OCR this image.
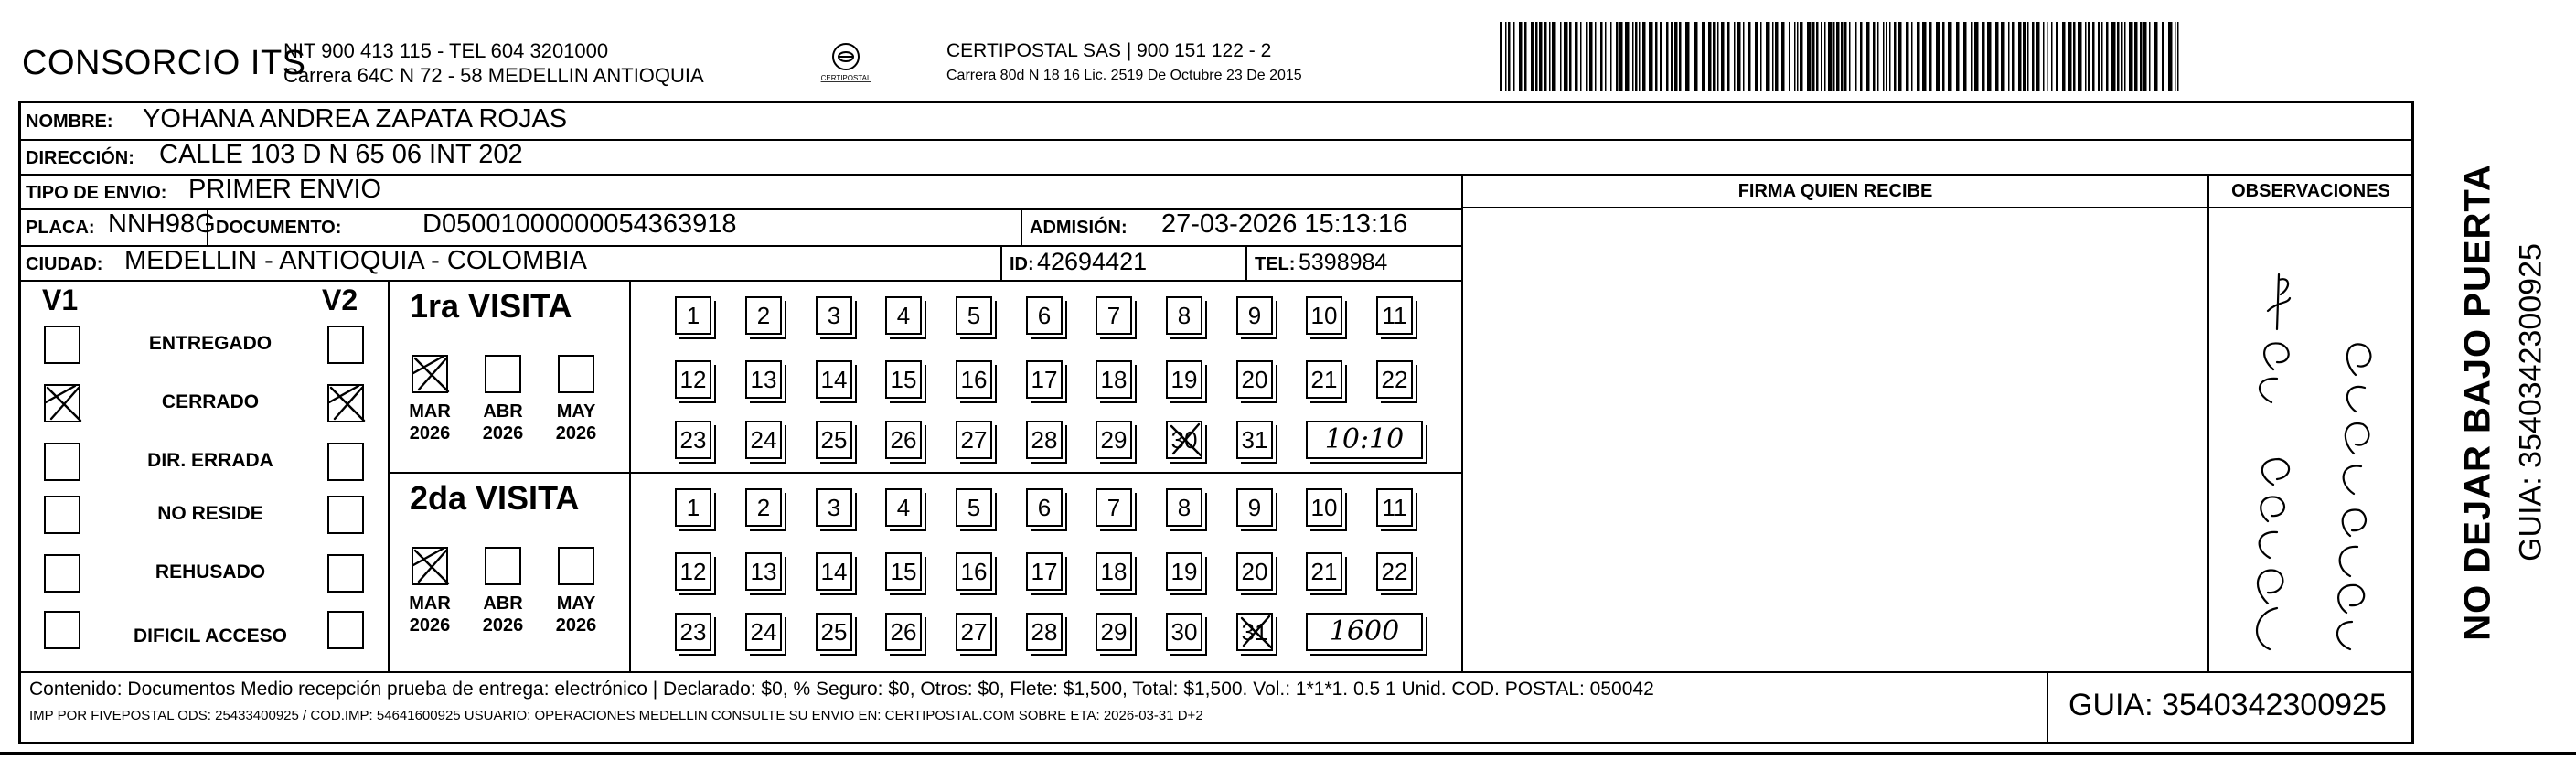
CONSORCIO ITS
NIT 900 413 115 - TEL 604 3201000
Carrera 64C N 72 - 58 MEDELLIN ANTIOQUIA	CERTIPOSTAL
CERTIPOSTAL SAS | 900 151 122 - 2
Carrera 80d N 18 16 Lic. 2519 De Octubre 23 De 2015
NOMBRE: YOHANA ANDREA ZAPATA ROJAS
DIRECCIÓN: CALLE 103 D N 65 06 INT 202
TIPO DE ENVIO: PRIMER ENVIO
PLACA: NNH98G DOCUMENTO:	D05001000000054363918	ADMISIÓN: 27-03-2026 15:13:16
CIUDAD: MEDELLIN - ANTIOQUIA - COLOMBIA	ID: 42694421	TEL: 5398984
FIRMA QUIEN RECIBE	OBSERVACIONES
V1	V2
ENTREGADO
CERRADO
DIR. ERRADA
NO RESIDE
REHUSADO
DIFICIL ACCESO
1ra VISITA
MAR
2026
ABR
2026
MAY
2026
1	2	3	4	5	6	7	8	9	10 11
12 13 14 15 16 17 18 19 20 21 22
23 24 25 26 27 28 29 30 31	10:10
2da VISITA
MAR
2026
ABR
2026
MAY
2026
1	2	3	4	5	6	7	8	9	10 11
12 13 14 15 16 17 18 19 20 21 22
23 24 25 26 27 28 29 30 31	1600
Contenido: Documentos Medio recepción prueba de entrega: electrónico | Declarado: $0, % Seguro: $0, Otros: $0, Flete: $1,500, Total: $1,500. Vol.: 1*1*1. 0.5 1 Unid. COD. POSTAL: 050042
IMP POR FIVEPOSTAL ODS: 25433400925 / COD.IMP: 54641600925 USUARIO: OPERACIONES MEDELLIN CONSULTE SU ENVIO EN: CERTIPOSTAL.COM SOBRE ETA: 2026-03-31 D+2	GUIA: 3540342300925
NO DEJAR BAJO PUERTA GUIA: 3540342300925
